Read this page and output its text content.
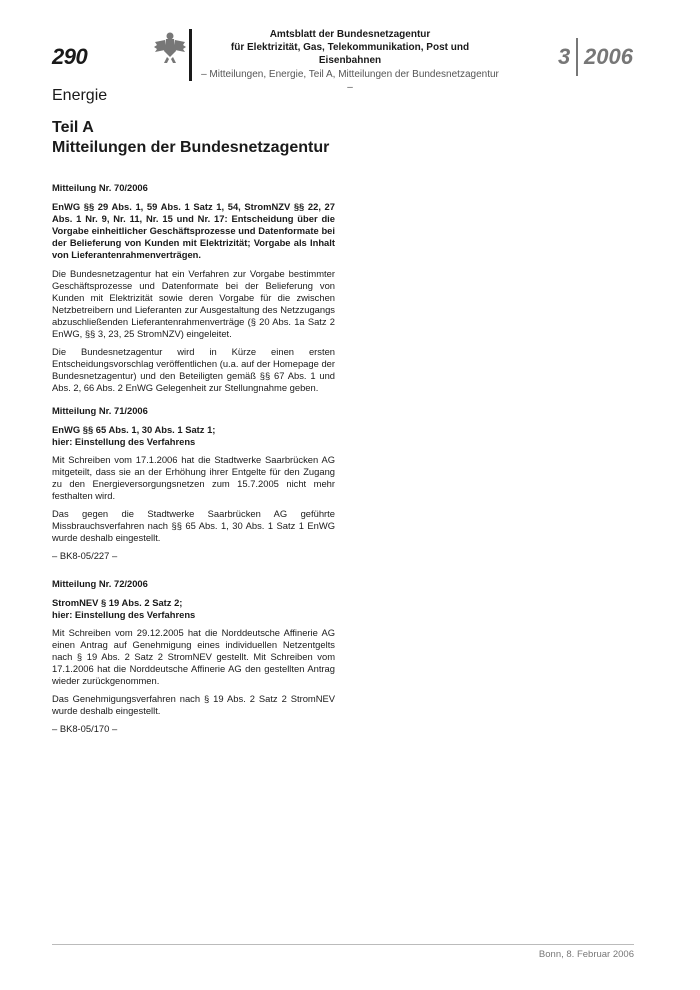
290
Amtsblatt der Bundesnetzagentur
für Elektrizität, Gas, Telekommunikation, Post und Eisenbahnen
– Mitteilungen, Energie, Teil A, Mitteilungen der Bundesnetzagentur –
3 2006
Energie
Teil A
Mitteilungen der Bundesnetzagentur
Mitteilung Nr. 70/2006
EnWG §§ 29 Abs. 1, 59 Abs. 1 Satz 1, 54, StromNZV §§ 22, 27 Abs. 1 Nr. 9, Nr. 11, Nr. 15 und Nr. 17: Entscheidung über die Vorgabe einheitlicher Geschäftsprozesse und Datenformate bei der Belieferung von Kunden mit Elektrizität; Vorgabe als Inhalt von Lieferantenrahmenverträgen.

Die Bundesnetzagentur hat ein Verfahren zur Vorgabe bestimmter Geschäftsprozesse und Datenformate bei der Belieferung von Kunden mit Elektrizität sowie deren Vorgabe für die zwischen Netzbetreibern und Lieferanten zur Ausgestaltung des Netzzugangs abzuschließenden Lieferantenrahmenverträge (§ 20 Abs. 1a Satz 2 EnWG, §§ 3, 23, 25 StromNZV) eingeleitet.

Die Bundesnetzagentur wird in Kürze einen ersten Entscheidungsvorschlag veröffentlichen (u.a. auf der Homepage der Bundesnetzagentur) und den Beteiligten gemäß §§ 67 Abs. 1 und Abs. 2, 66 Abs. 2 EnWG Gelegenheit zur Stellungnahme geben.

Mitteilung Nr. 71/2006
EnWG §§ 65 Abs. 1, 30 Abs. 1 Satz 1;
hier: Einstellung des Verfahrens

Mit Schreiben vom 17.1.2006 hat die Stadtwerke Saarbrücken AG mitgeteilt, dass sie an der Erhöhung ihrer Entgelte für den Zugang zu den Energieversorgungsnetzen zum 15.7.2005 nicht mehr festhalten wird.

Das gegen die Stadtwerke Saarbrücken AG geführte Missbrauchsverfahren nach §§ 65 Abs. 1, 30 Abs. 1 Satz 1 EnWG wurde deshalb eingestellt.

– BK8-05/227 –

Mitteilung Nr. 72/2006
StromNEV § 19 Abs. 2 Satz 2;
hier: Einstellung des Verfahrens

Mit Schreiben vom 29.12.2005 hat die Norddeutsche Affinerie AG einen Antrag auf Genehmigung eines individuellen Netzentgelts nach § 19 Abs. 2 Satz 2 StromNEV gestellt. Mit Schreiben vom 17.1.2006 hat die Norddeutsche Affinerie AG den gestellten Antrag wieder zurückgenommen.

Das Genehmigungsverfahren nach § 19 Abs. 2 Satz 2 StromNEV wurde deshalb eingestellt.

– BK8-05/170 –

Bonn, 8. Februar 2006
